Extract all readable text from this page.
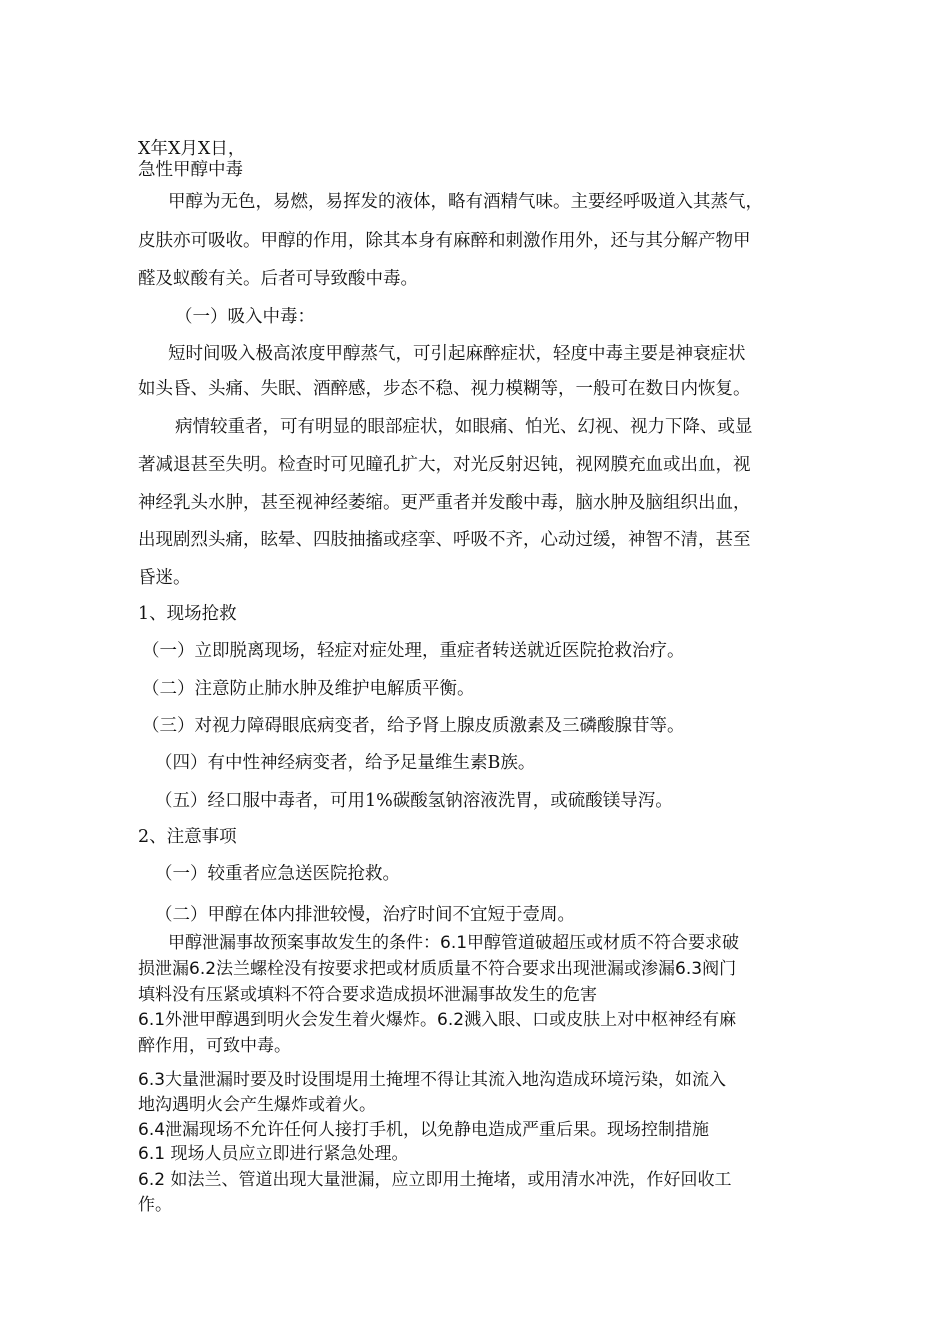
X年X月X日，
急性甲醇中毒
甲醇为无色，易燃，易挥发的液体，略有酒精气味。主要经呼吸道入其蒸气，
皮肤亦可吸收。甲醇的作用，除其本身有麻醉和刺激作用外，还与其分解产物甲
醛及蚁酸有关。后者可导致酸中毒。
（一）吸入中毒：
短时间吸入极高浓度甲醇蒸气，可引起麻醉症状，轻度中毒主要是神衰症状
如头昏、头痛、失眠、酒醉感，步态不稳、视力模糊等，一般可在数日内恢复。
病情较重者，可有明显的眼部症状，如眼痛、怕光、幻视、视力下降、或显
著减退甚至失明。检查时可见瞳孔扩大，对光反射迟钝，视网膜充血或出血，视
神经乳头水肿，甚至视神经萎缩。更严重者并发酸中毒，脑水肿及脑组织出血，
出现剧烈头痛，眩晕、四肢抽搐或痉挛、呼吸不齐，心动过缓，神智不清，甚至
昏迷。
1、现场抢救
（一）立即脱离现场，轻症对症处理，重症者转送就近医院抢救治疗。
（二）注意防止肺水肿及维护电解质平衡。
（三）对视力障碍眼底病变者，给予肾上腺皮质激素及三磷酸腺苷等。
（四）有中性神经病变者，给予足量维生素B族。
（五）经口服中毒者，可用1%碳酸氢钠溶液洗胃，或硫酸镁导泻。
2、注意事项
（一）较重者应急送医院抢救。
（二）甲醇在体内排泄较慢，治疗时间不宜短于壹周。
甲醇泄漏事故预案事故发生的条件：6.1甲醇管道破超压或材质不符合要求破
损泄漏6.2法兰螺栓没有按要求把或材质质量不符合要求出现泄漏或渗漏6.3阀门
填料没有压紧或填料不符合要求造成损坏泄漏事故发生的危害
6.1外泄甲醇遇到明火会发生着火爆炸。6.2溅入眼、口或皮肤上对中枢神经有麻
醉作用，可致中毒。
6.3大量泄漏时要及时设围堤用土掩埋不得让其流入地沟造成环境污染，如流入
地沟遇明火会产生爆炸或着火。
6.4泄漏现场不允许任何人接打手机，以免静电造成严重后果。现场控制措施
6.1 现场人员应立即进行紧急处理。
6.2 如法兰、管道出现大量泄漏，应立即用土掩堵，或用清水冲洗，作好回收工
作。
